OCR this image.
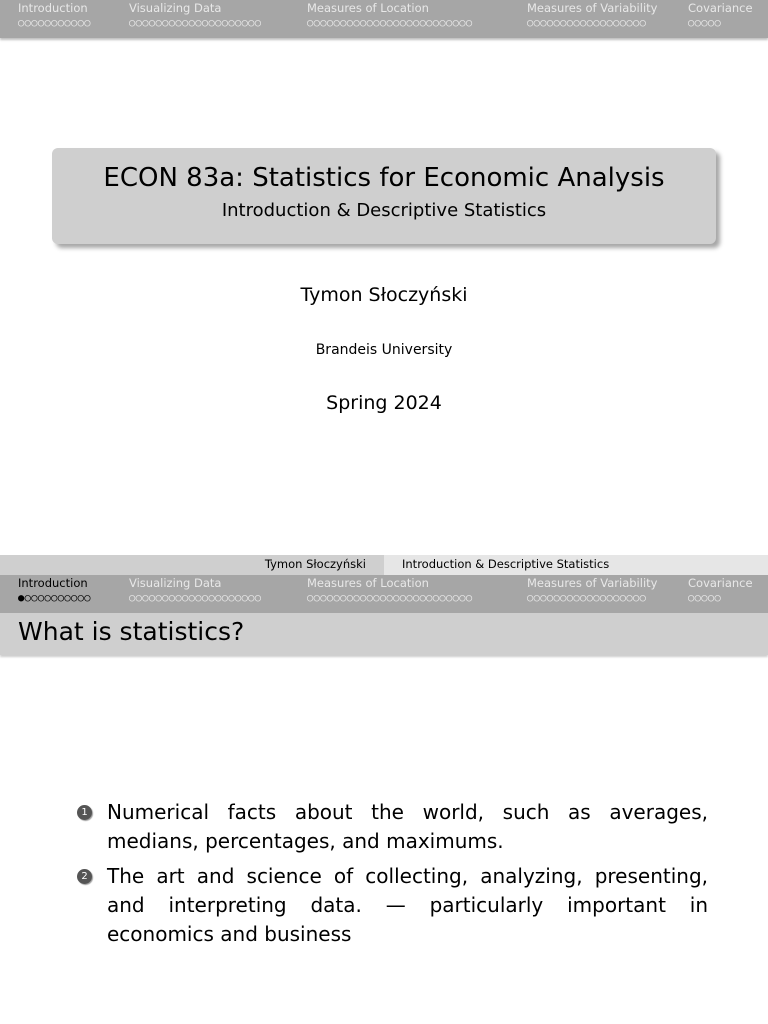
Introduction
○○○○○○○○○○○
Visualizing Data
○○○○○○○○○○○○○○○○○○○○
Measures of Location
○○○○○○○○○○○○○○○○○○○○○○○○○
Measures of Variability
○○○○○○○○○○○○○○○○○○
Covariance
○○○○○
ECON 83a: Statistics for Economic Analysis
Introduction & Descriptive Statistics
Tymon Słoczyński
Brandeis University
Spring 2024
Tymon Słoczyński	Introduction & Descriptive Statistics
Introduction
●○○○○○○○○○○
Visualizing Data
○○○○○○○○○○○○○○○○○○○○
Measures of Location
○○○○○○○○○○○○○○○○○○○○○○○○○
Measures of Variability
○○○○○○○○○○○○○○○○○○
Covariance
○○○○○
What is statistics?
1 Numerical facts about the world, such as averages, medians, percentages, and maximums.
2 The art and science of collecting, analyzing, presenting, and interpreting data. — particularly important in economics and business
